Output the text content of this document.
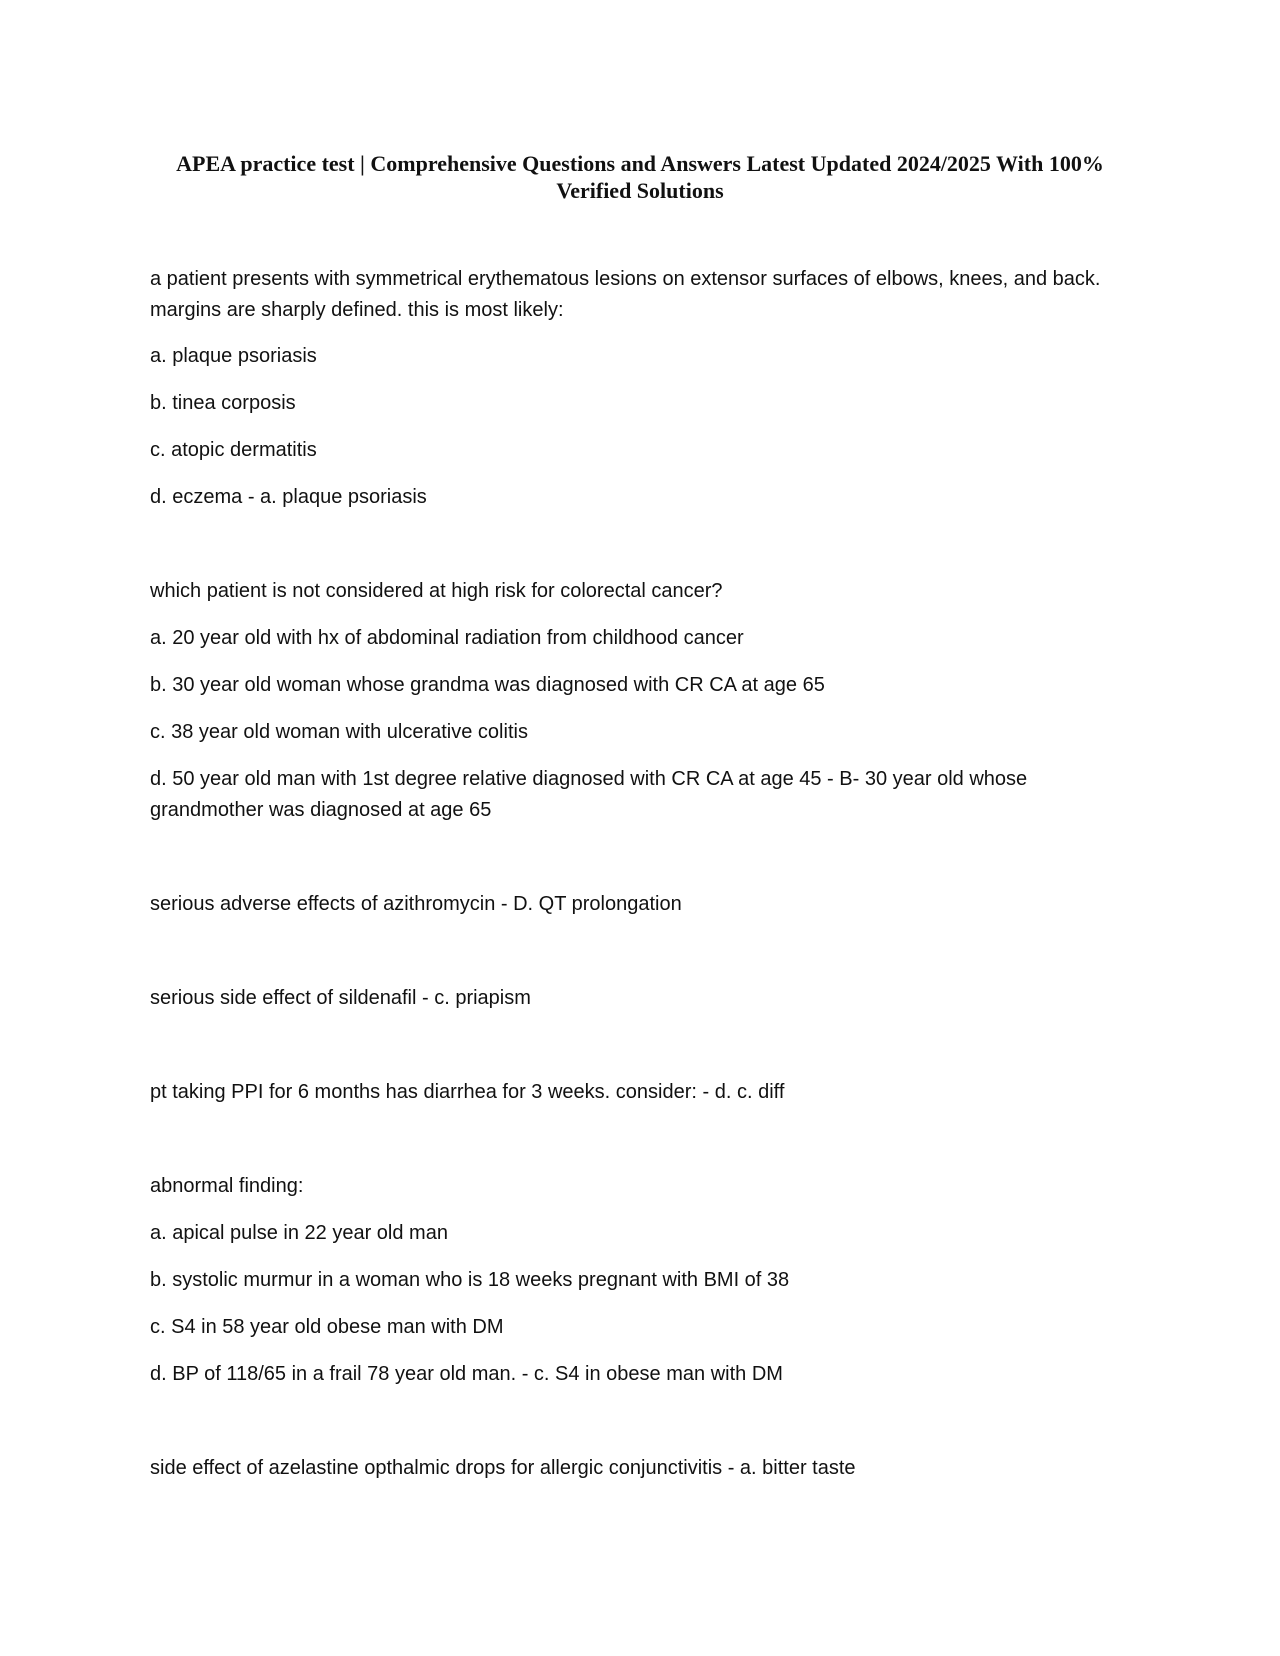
APEA practice test | Comprehensive Questions and Answers Latest Updated 2024/2025 With 100%
Verified Solutions

a patient presents with symmetrical erythematous lesions on extensor surfaces of elbows, knees, and back. margins are sharply defined. this is most likely:

a. plaque psoriasis

b. tinea corposis

c. atopic dermatitis

d. eczema - a. plaque psoriasis

which patient is not considered at high risk for colorectal cancer?

a. 20 year old with hx of abdominal radiation from childhood cancer

b. 30 year old woman whose grandma was diagnosed with CR CA at age 65

c. 38 year old woman with ulcerative colitis

d. 50 year old man with 1st degree relative diagnosed with CR CA at age 45 - B- 30 year old whose grandmother was diagnosed at age 65

serious adverse effects of azithromycin - D. QT prolongation

serious side effect of sildenafil - c. priapism

pt taking PPI for 6 months has diarrhea for 3 weeks. consider: - d. c. diff

abnormal finding:

a. apical pulse in 22 year old man

b. systolic murmur in a woman who is 18 weeks pregnant with BMI of 38

c. S4 in 58 year old obese man with DM

d. BP of 118/65 in a frail 78 year old man. - c. S4 in obese man with DM

side effect of azelastine opthalmic drops for allergic conjunctivitis - a. bitter taste
